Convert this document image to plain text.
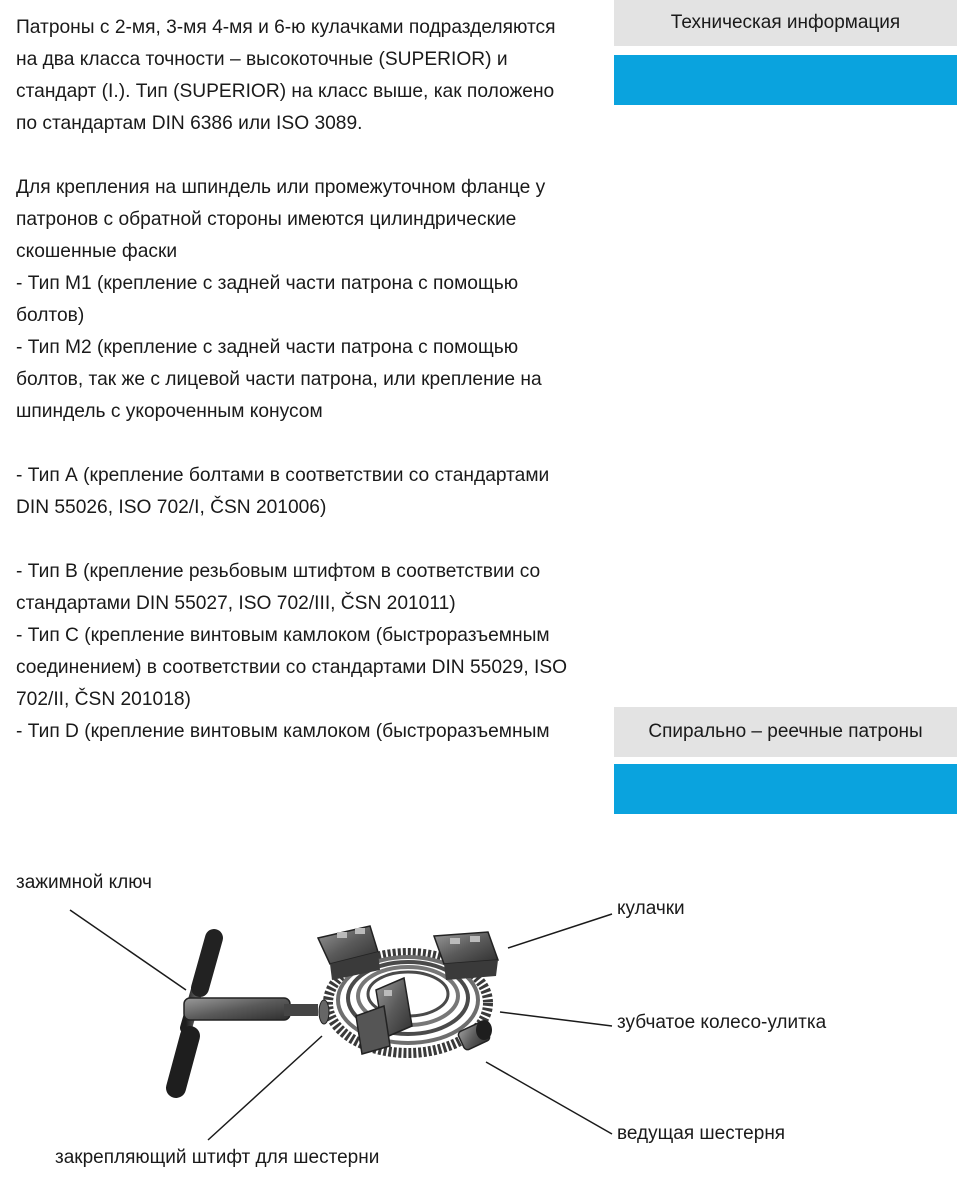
Патроны с 2-мя, 3-мя 4-мя и 6-ю кулачками подразделяются
на два класса точности – высокоточные (SUPERIOR) и
стандарт (I.). Тип (SUPERIOR) на класс выше, как положено
по стандартам DIN 6386 или ISO 3089.

Для крепления на шпиндель или промежуточном фланце у
патронов с обратной стороны имеются цилиндрические
скошенные фаски

- Тип М1 (крепление с задней части патрона с помощью
болтов)

- Тип М2 (крепление с задней части патрона с помощью
болтов, так же с лицевой части патрона, или крепление на
шпиндель с укороченным конусом

- Тип А (крепление болтами в соответствии со стандартами
DIN 55026, ISO 702/I, ČSN 201006)

- Тип В (крепление резьбовым штифтом в соответствии со
стандартами DIN 55027, ISO 702/III, ČSN 201011)

- Тип С (крепление винтовым камлоком (быстроразъемным
соединением) в соответствии со стандартами DIN 55029, ISO
702/II, ČSN 201018)

- Тип D (крепление винтовым камлоком (быстроразъемным

Техническая информация
Спирально – реечные патроны
зажимной ключ
кулачки
зубчатое колесо-улитка
ведущая шестерня
закрепляющий штифт для шестерни
